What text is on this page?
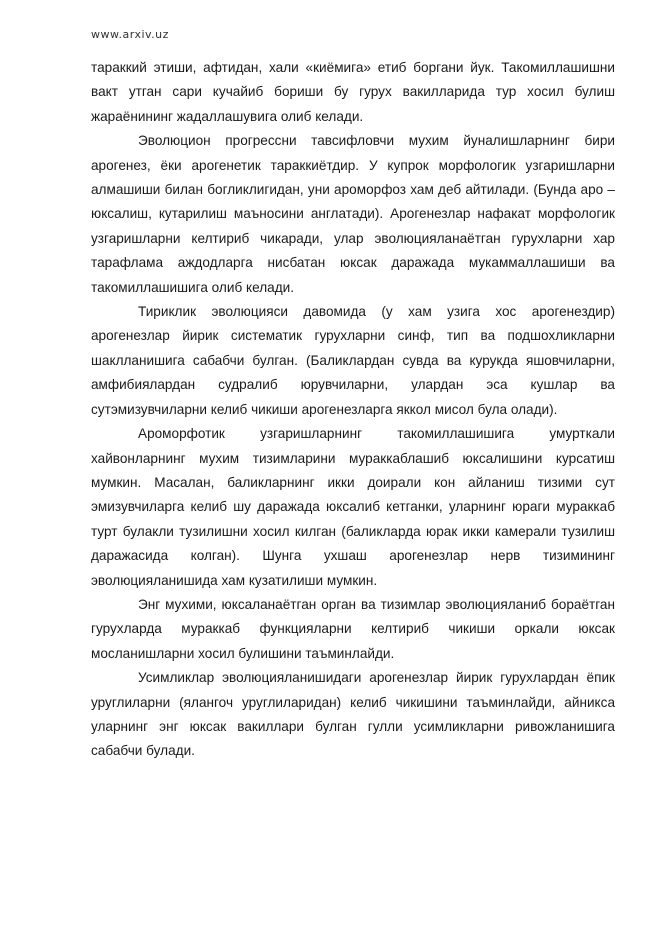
www.arxiv.uz

тараккий этиши, афтидан, хали «киёмига» етиб боргани йук. Такомиллашишни вакт утган сари кучайиб бориши бу гурух вакилларида тур хосил булиш жараёнининг жадаллашувига олиб келади.

Эволюцион прогрессни тавсифловчи мухим йуналишларнинг бири арогенез, ёки арогенетик тараккиётдир. У купрок морфологик узгаришларни алмашиши билан богликлигидан, уни ароморфоз хам деб айтилади. (Бунда аро – юксалиш, кутарилиш маъносини англатади). Арогенезлар нафакат морфологик узгаришларни келтириб чикаради, улар эволюцияланаётган гурухларни хар тарафлама аждодларга нисбатан юксак даражада мукаммаллашиши ва такомиллашишига олиб келади.

Тириклик эволюцияси давомида (у хам узига хос арогенездир) арогенезлар йирик систематик гурухларни синф, тип ва подшохликларни шаклланишига сабабчи булган. (Баликлардан сувда ва курукда яшовчиларни, амфибиялардан судралиб юрувчиларни, улардан эса кушлар ва сутэмизувчиларни келиб чикиши арогенезларга яккол мисол була олади).

Ароморфотик узгаришларнинг такомиллашишига умурткали хайвонларнинг мухим тизимларини мураккаблашиб юксалишини курсатиш мумкин. Масалан, баликларнинг икки доирали кон айланиш тизими сут эмизувчиларга келиб шу даражада юксалиб кетганки, уларнинг юраги мураккаб турт булакли тузилишни хосил килган (баликларда юрак икки камерали тузилиш даражасида колган). Шунга ухшаш арогенезлар нерв тизимининг эволюцияланишида хам кузатилиши мумкин.

Энг мухими, юксаланаётган орган ва тизимлар эволюцияланиб бораётган гурухларда мураккаб функцияларни келтириб чикиши оркали юксак мосланишларни хосил булишини таъминлайди.

Усимликлар эволюцияланишидаги арогенезлар йирик гурухлардан ёпик уруглиларни (ялангоч уруглиларидан) келиб чикишини таъминлайди, айникса уларнинг энг юксак вакиллари булган гулли усимликларни ривожланишига сабабчи булади.
